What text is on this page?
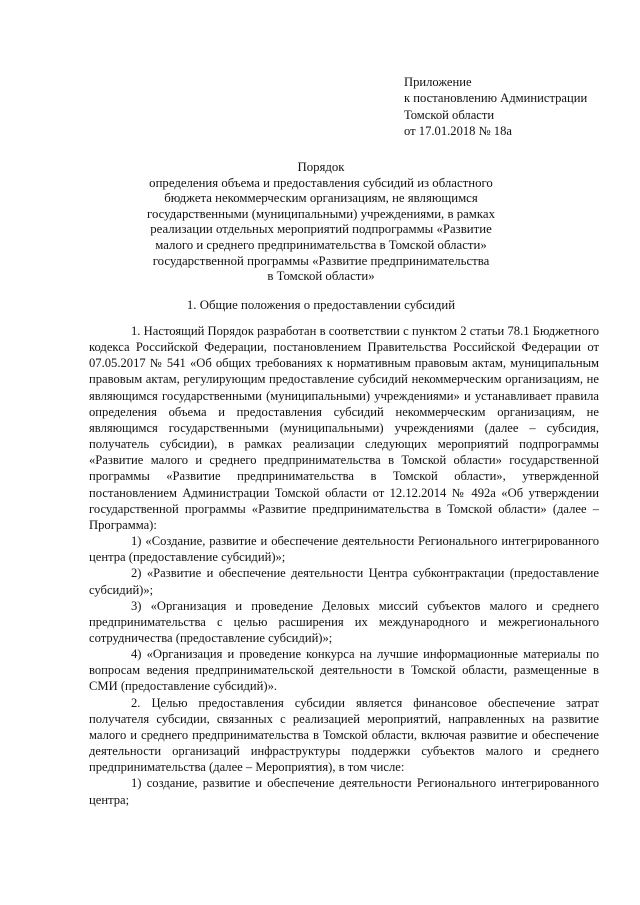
Приложение
к постановлению Администрации
Томской области
от 17.01.2018 № 18а
Порядок
определения объема и предоставления субсидий из областного
бюджета некоммерческим организациям, не являющимся
государственными (муниципальными) учреждениями, в рамках
реализации отдельных мероприятий подпрограммы «Развитие
малого и среднего предпринимательства в Томской области»
государственной программы «Развитие предпринимательства
в Томской области»
1. Общие положения о предоставлении субсидий

1. Настоящий Порядок разработан в соответствии с пунктом 2 статьи 78.1 Бюджетного кодекса Российской Федерации, постановлением Правительства Российской Федерации от 07.05.2017 № 541 «Об общих требованиях к нормативным правовым актам, муниципальным правовым актам, регулирующим предоставление субсидий некоммерческим организациям, не являющимся государственными (муниципальными) учреждениями» и устанавливает правила определения объема и предоставления субсидий некоммерческим организациям, не являющимся государственными (муниципальными) учреждениями (далее – субсидия, получатель субсидии), в рамках реализации следующих мероприятий подпрограммы «Развитие малого и среднего предпринимательства в Томской области» государственной программы «Развитие предпринимательства в Томской области», утвержденной постановлением Администрации Томской области от 12.12.2014 № 492а «Об утверждении государственной программы «Развитие предпринимательства в Томской области» (далее – Программа):

1) «Создание, развитие и обеспечение деятельности Регионального интегрированного центра (предоставление субсидий)»;

2) «Развитие и обеспечение деятельности Центра субконтрактации (предоставление субсидий)»;

3) «Организация и проведение Деловых миссий субъектов малого и среднего предпринимательства с целью расширения их международного и межрегионального сотрудничества (предоставление субсидий)»;

4) «Организация и проведение конкурса на лучшие информационные материалы по вопросам ведения предпринимательской деятельности в Томской области, размещенные в СМИ (предоставление субсидий)».

2. Целью предоставления субсидии является финансовое обеспечение затрат получателя субсидии, связанных с реализацией мероприятий, направленных на развитие малого и среднего предпринимательства в Томской области, включая развитие и обеспечение деятельности организаций инфраструктуры поддержки субъектов малого и среднего предпринимательства (далее – Мероприятия), в том числе:

1) создание, развитие и обеспечение деятельности Регионального интегрированного центра;
